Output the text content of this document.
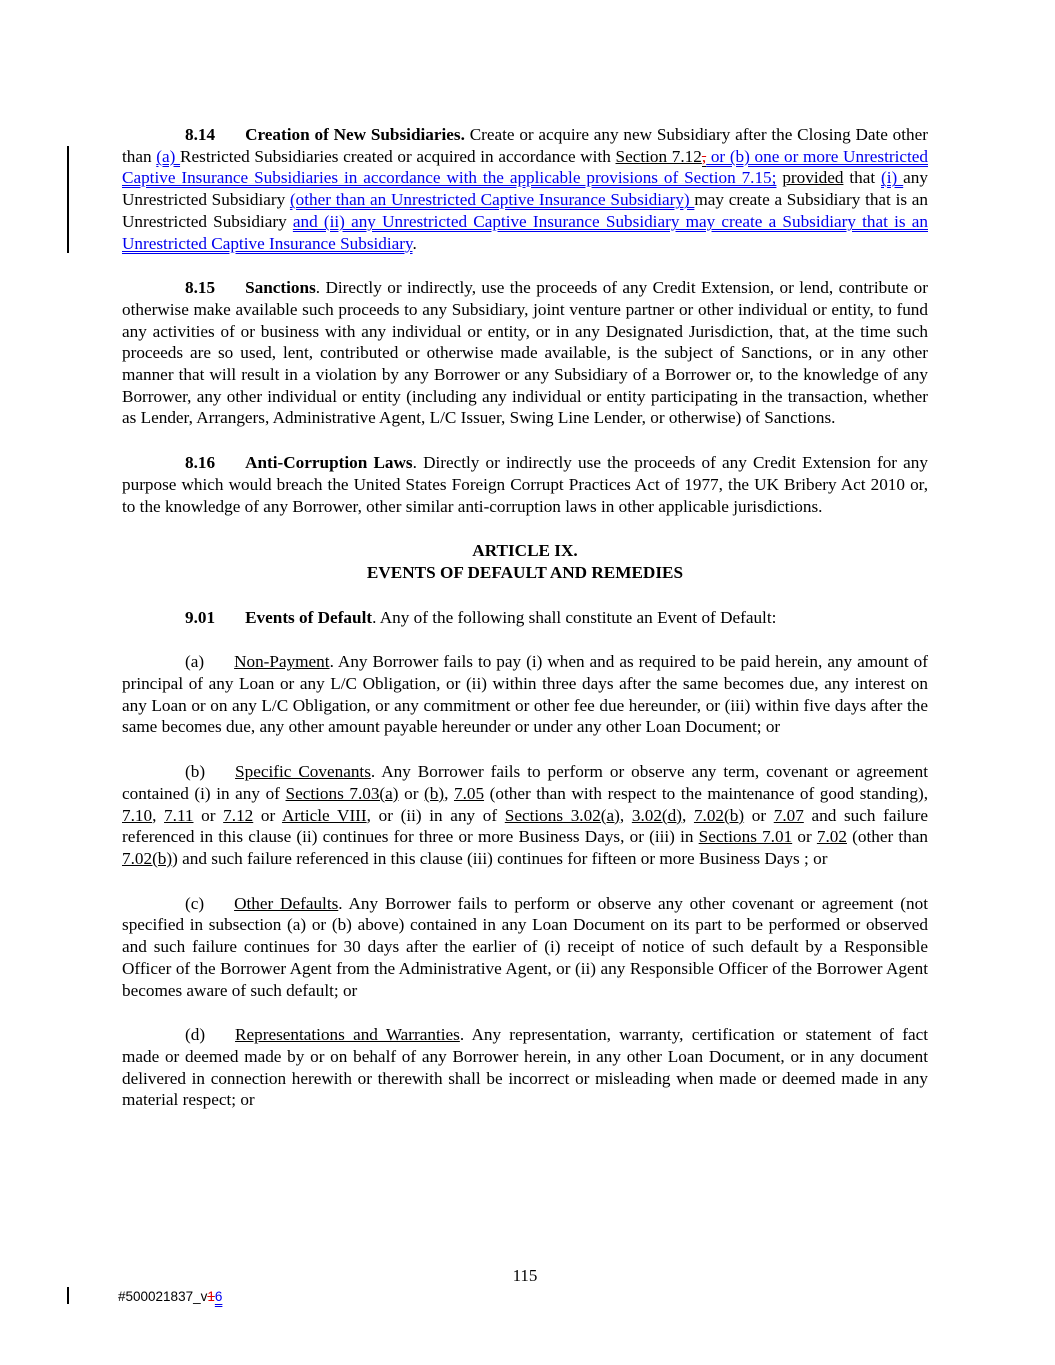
8.14 Creation of New Subsidiaries. Create or acquire any new Subsidiary after the Closing Date other than (a) Restricted Subsidiaries created or acquired in accordance with Section 7.12, or (b) one or more Unrestricted Captive Insurance Subsidiaries in accordance with the applicable provisions of Section 7.15; provided that (i) any Unrestricted Subsidiary (other than an Unrestricted Captive Insurance Subsidiary) may create a Subsidiary that is an Unrestricted Subsidiary and (ii) any Unrestricted Captive Insurance Subsidiary may create a Subsidiary that is an Unrestricted Captive Insurance Subsidiary.

8.15 Sanctions. Directly or indirectly, use the proceeds of any Credit Extension, or lend, contribute or otherwise make available such proceeds to any Subsidiary, joint venture partner or other individual or entity, to fund any activities of or business with any individual or entity, or in any Designated Jurisdiction, that, at the time such proceeds are so used, lent, contributed or otherwise made available, is the subject of Sanctions, or in any other manner that will result in a violation by any Borrower or any Subsidiary of a Borrower or, to the knowledge of any Borrower, any other individual or entity (including any individual or entity participating in the transaction, whether as Lender, Arrangers, Administrative Agent, L/C Issuer, Swing Line Lender, or otherwise) of Sanctions.

8.16 Anti-Corruption Laws. Directly or indirectly use the proceeds of any Credit Extension for any purpose which would breach the United States Foreign Corrupt Practices Act of 1977, the UK Bribery Act 2010 or, to the knowledge of any Borrower, other similar anti-corruption laws in other applicable jurisdictions.

ARTICLE IX.
EVENTS OF DEFAULT AND REMEDIES

9.01 Events of Default. Any of the following shall constitute an Event of Default:

(a) Non-Payment. Any Borrower fails to pay (i) when and as required to be paid herein, any amount of principal of any Loan or any L/C Obligation, or (ii) within three days after the same becomes due, any interest on any Loan or on any L/C Obligation, or any commitment or other fee due hereunder, or (iii) within five days after the same becomes due, any other amount payable hereunder or under any other Loan Document; or

(b) Specific Covenants. Any Borrower fails to perform or observe any term, covenant or agreement contained (i) in any of Sections 7.03(a) or (b), 7.05 (other than with respect to the maintenance of good standing), 7.10, 7.11 or 7.12 or Article VIII, or (ii) in any of Sections 3.02(a), 3.02(d), 7.02(b) or 7.07 and such failure referenced in this clause (ii) continues for three or more Business Days, or (iii) in Sections 7.01 or 7.02 (other than 7.02(b)) and such failure referenced in this clause (iii) continues for fifteen or more Business Days ; or

(c) Other Defaults. Any Borrower fails to perform or observe any other covenant or agreement (not specified in subsection (a) or (b) above) contained in any Loan Document on its part to be performed or observed and such failure continues for 30 days after the earlier of (i) receipt of notice of such default by a Responsible Officer of the Borrower Agent from the Administrative Agent, or (ii) any Responsible Officer of the Borrower Agent becomes aware of such default; or

(d) Representations and Warranties. Any representation, warranty, certification or statement of fact made or deemed made by or on behalf of any Borrower herein, in any other Loan Document, or in any document delivered in connection herewith or therewith shall be incorrect or misleading when made or deemed made in any material respect; or

115
#500021837_v16
